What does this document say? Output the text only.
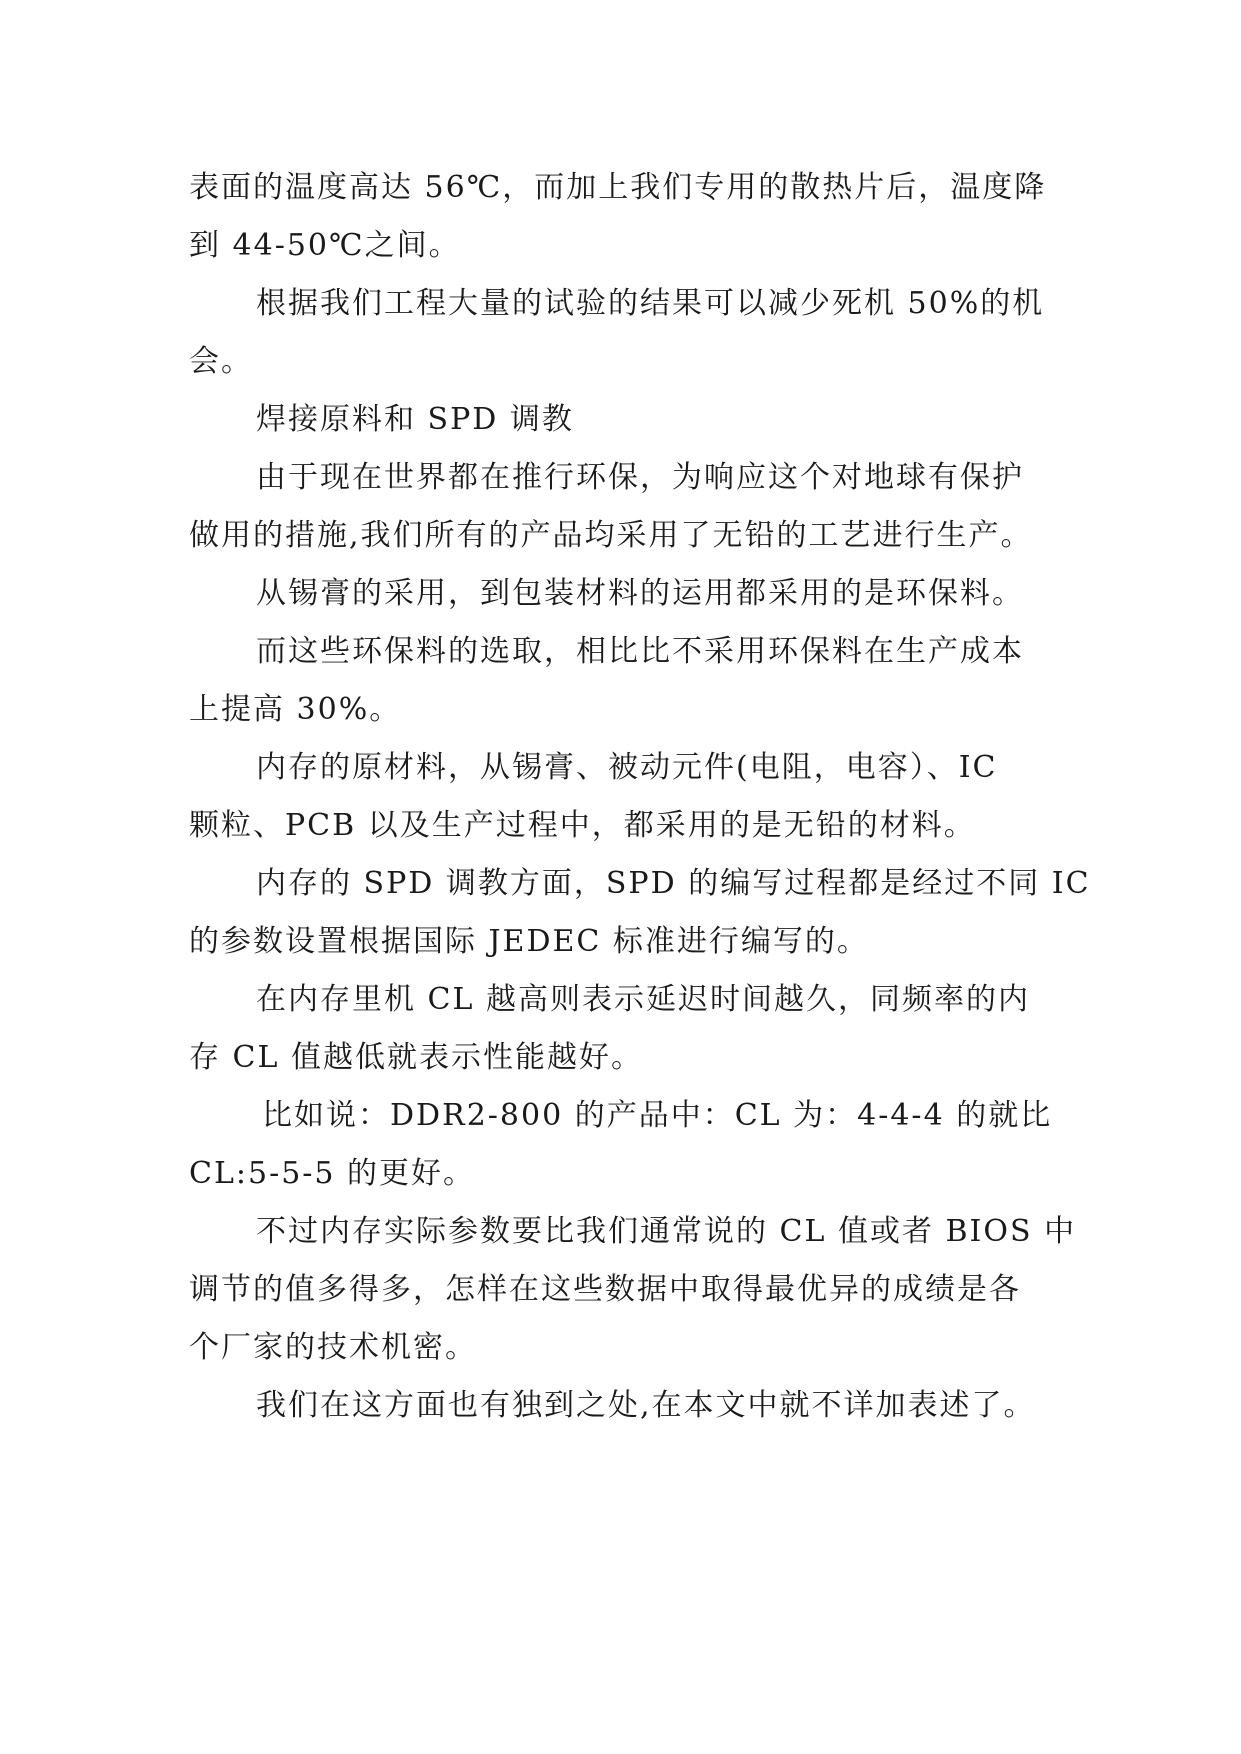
表面的温度高达 56℃，而加上我们专用的散热片后，温度降
到 44-50℃之间。
根据我们工程大量的试验的结果可以减少死机 50%的机
会。
焊接原料和 SPD 调教
由于现在世界都在推行环保，为响应这个对地球有保护
做用的措施,我们所有的产品均采用了无铅的工艺进行生产。
从锡膏的采用，到包装材料的运用都采用的是环保料。
而这些环保料的选取，相比比不采用环保料在生产成本
上提高 30%。
内存的原材料，从锡膏、被动元件(电阻，电容）、IC
颗粒、PCB 以及生产过程中，都采用的是无铅的材料。
内存的 SPD 调教方面，SPD 的编写过程都是经过不同 IC
的参数设置根据国际 JEDEC 标准进行编写的。
在内存里机 CL 越高则表示延迟时间越久，同频率的内
存 CL 值越低就表示性能越好。
比如说：DDR2-800 的产品中：CL 为：4-4-4 的就比
CL:5-5-5 的更好。
不过内存实际参数要比我们通常说的 CL 值或者 BIOS 中
调节的值多得多，怎样在这些数据中取得最优异的成绩是各
个厂家的技术机密。
我们在这方面也有独到之处,在本文中就不详加表述了。
